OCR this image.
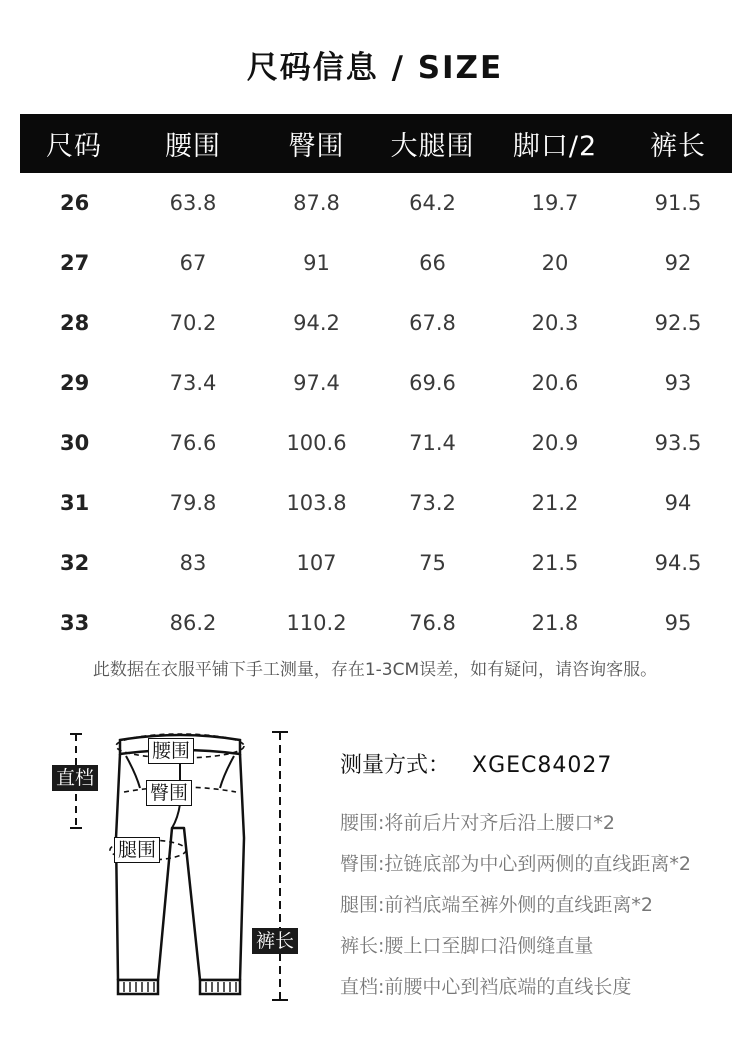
尺码信息 / SIZE
尺码	腰围	臀围	大腿围	脚口/2	裤长
26	63.8	87.8	64.2	19.7	91.5
27	67	91	66	20	92
28	70.2	94.2	67.8	20.3	92.5
29	73.4	97.4	69.6	20.6	93
30	76.6	100.6	71.4	20.9	93.5
31	79.8	103.8	73.2	21.2	94
32	83	107	75	21.5	94.5
33	86.2	110.2	76.8	21.8	95
此数据在衣服平铺下手工测量，存在1-3CM误差，如有疑问，请咨询客服。
腰围
臀围
直档
腿围
裤长
测量方式： XGEC84027
腰围:将前后片对齐后沿上腰口*2
臀围:拉链底部为中心到两侧的直线距离*2
腿围:前裆底端至裤外侧的直线距离*2
裤长:腰上口至脚口沿侧缝直量
直档:前腰中心到裆底端的直线长度
